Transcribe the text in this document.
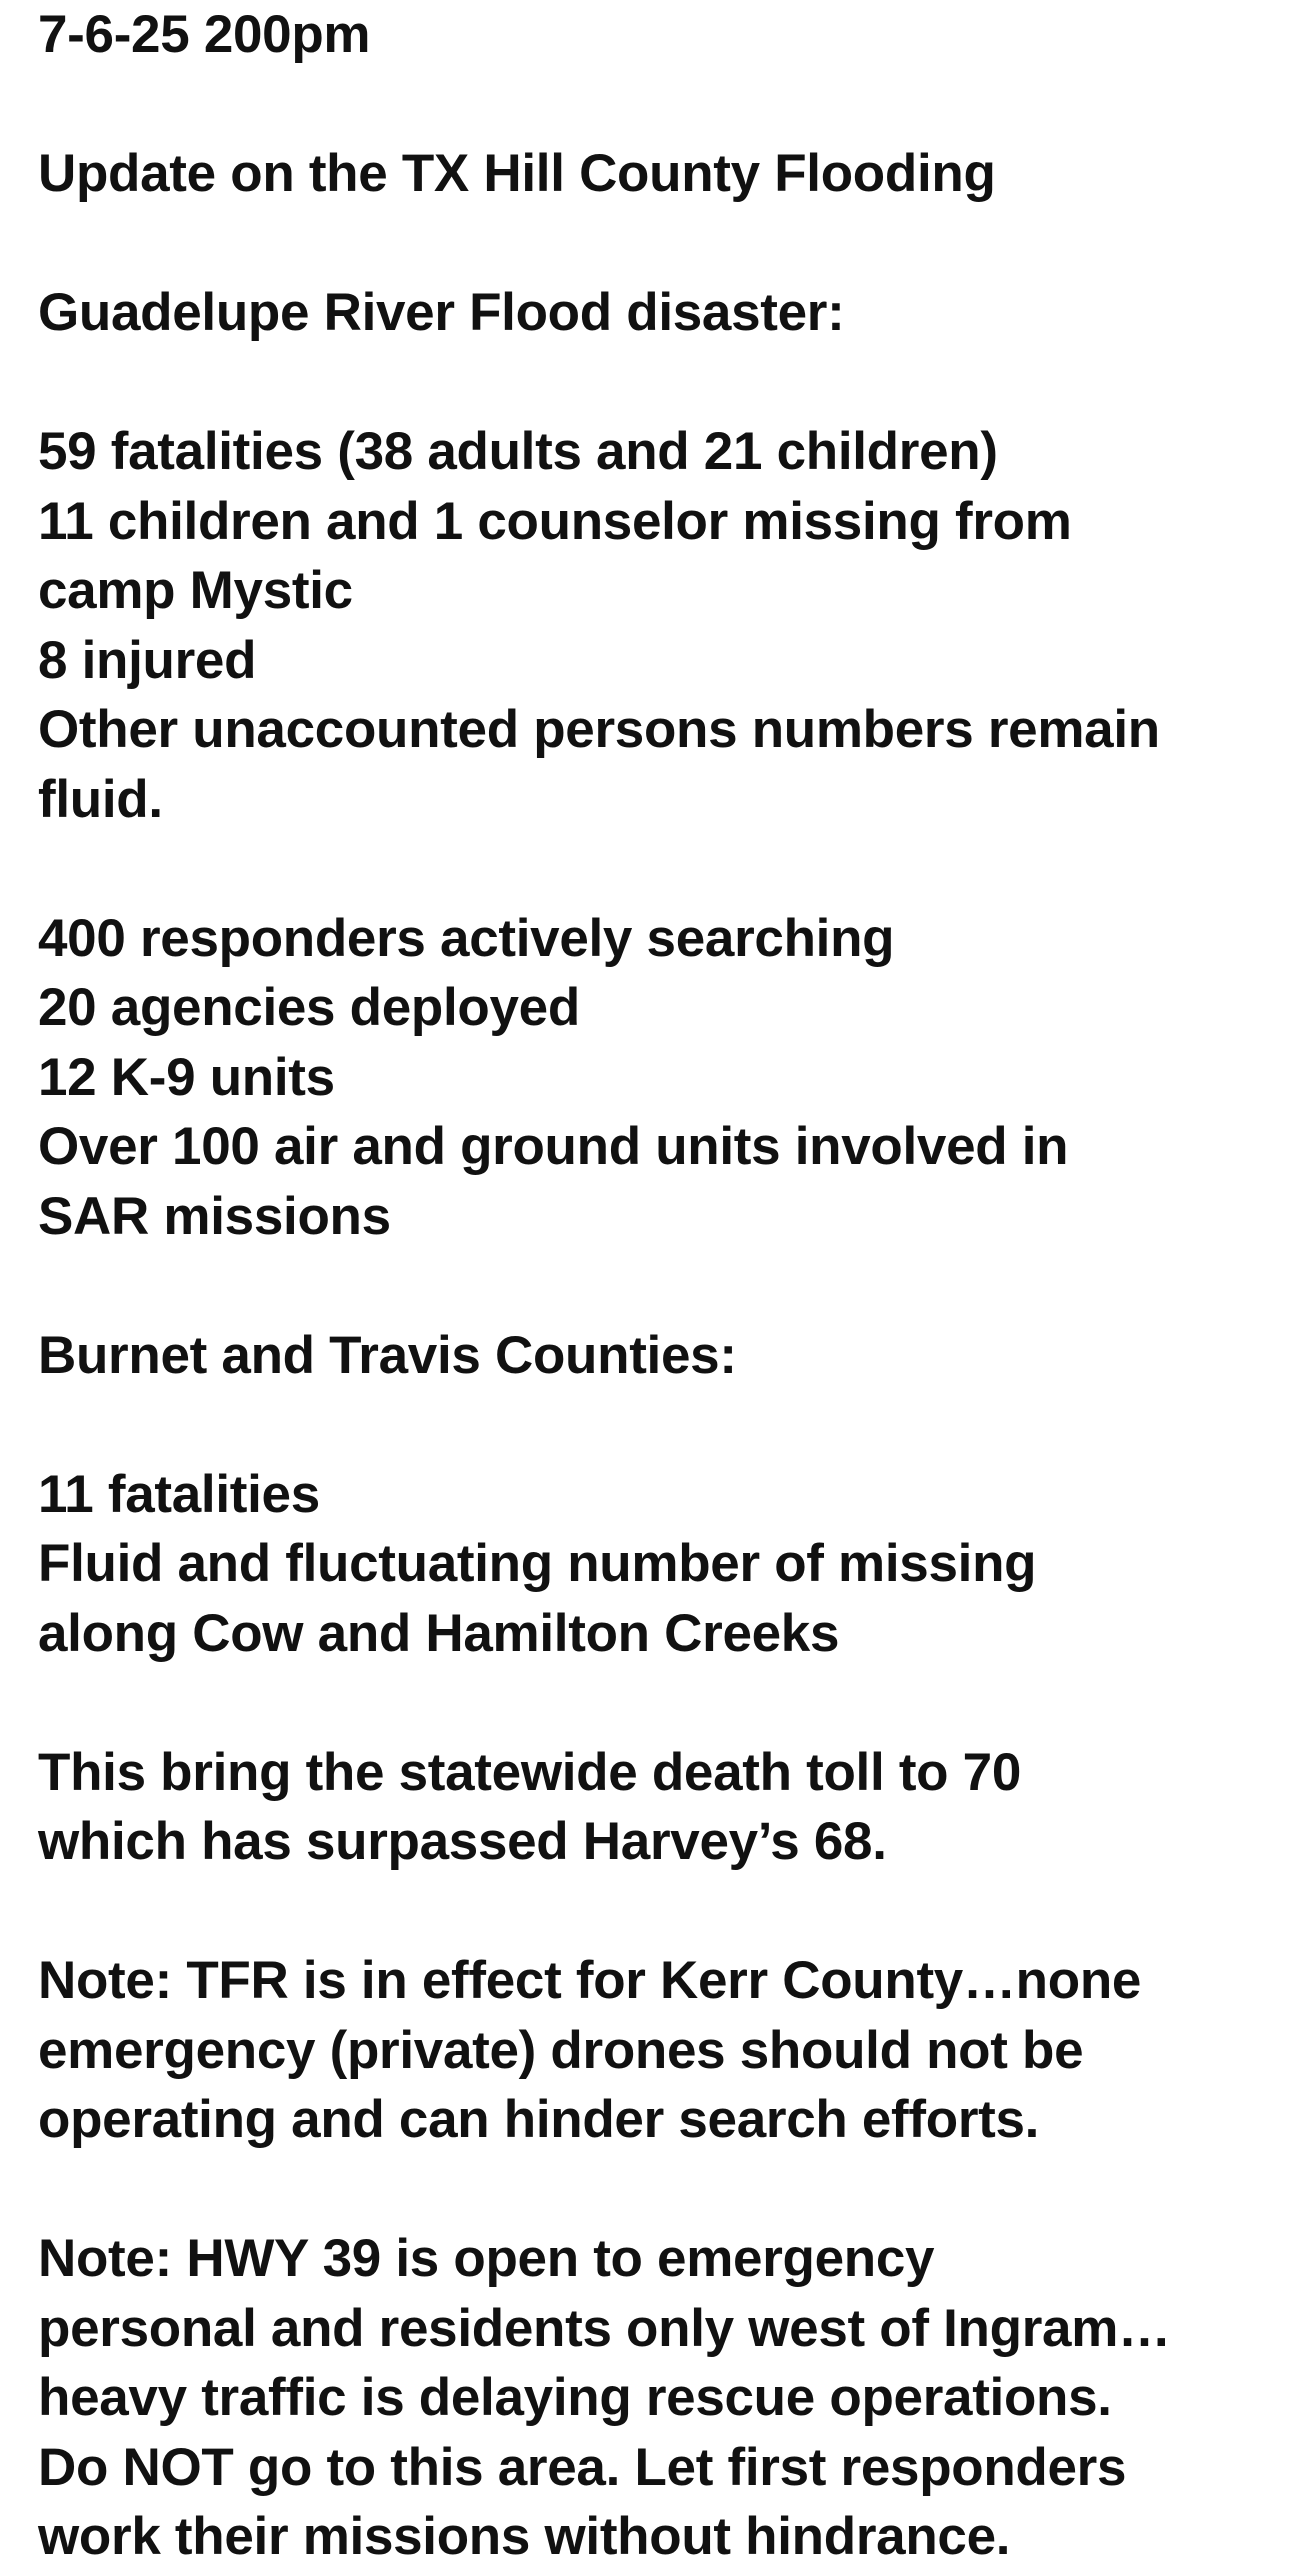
7-6-25 200pm
Update on the TX Hill County Flooding
Guadelupe River Flood disaster:
59 fatalities (38 adults and 21 children)
11 children and 1 counselor missing from
camp Mystic
8 injured
Other unaccounted persons numbers remain
fluid.
400 responders actively searching
20 agencies deployed
12 K-9 units
Over 100 air and ground units involved in
SAR missions
Burnet and Travis Counties:
11 fatalities
Fluid and fluctuating number of missing
along Cow and Hamilton Creeks
This bring the statewide death toll to 70
which has surpassed Harvey’s 68.
Note: TFR is in effect for Kerr County…none
emergency (private) drones should not be
operating and can hinder search efforts.
Note: HWY 39 is open to emergency
personal and residents only west of Ingram…
heavy traffic is delaying rescue operations.
Do NOT go to this area. Let first responders
work their missions without hindrance.
